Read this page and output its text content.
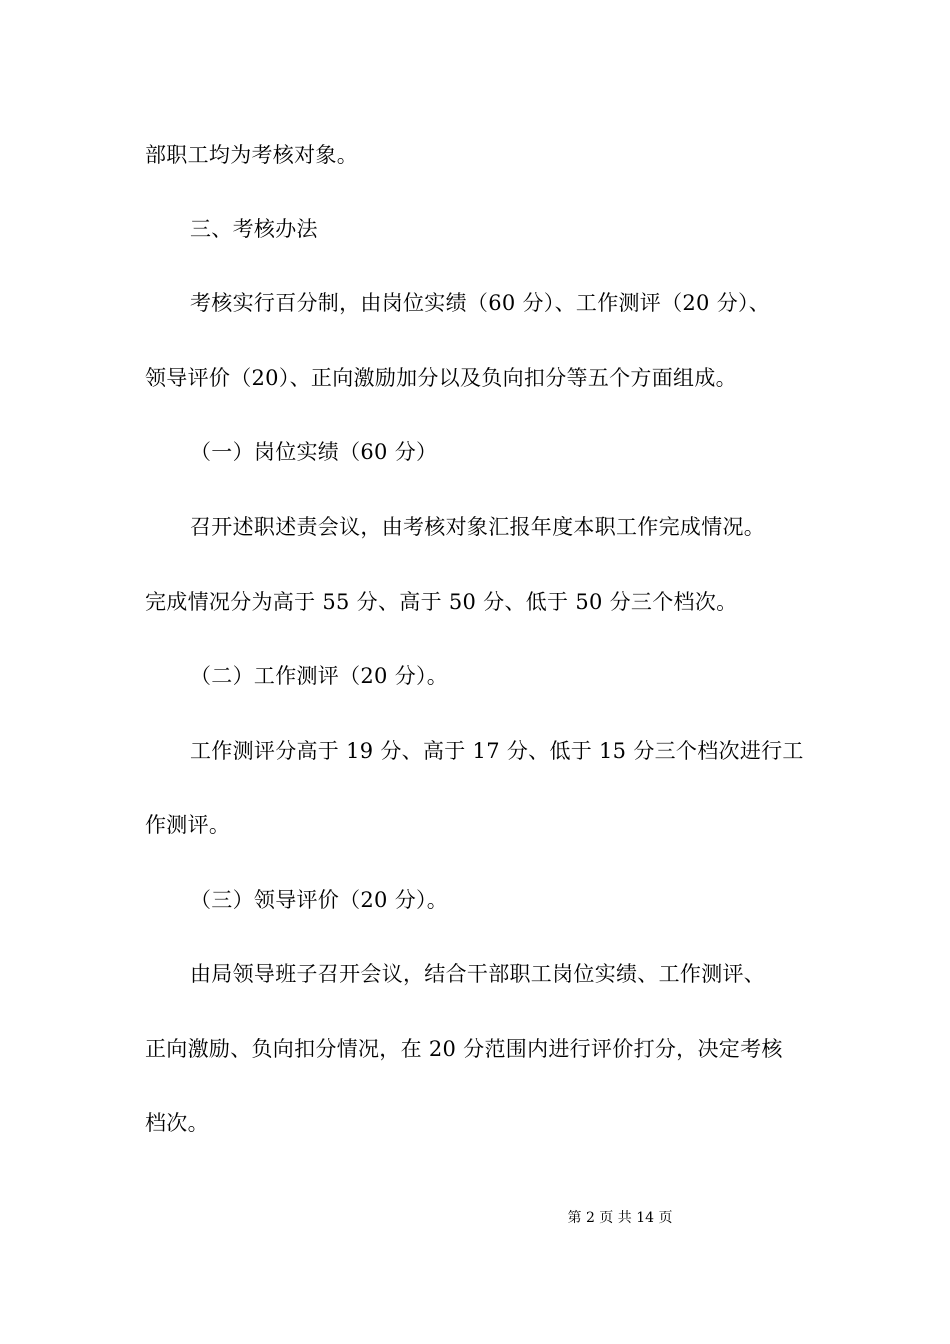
部职工均为考核对象。
三、考核办法
考核实行百分制，由岗位实绩（60 分）、工作测评（20 分）、
领导评价（20）、正向激励加分以及负向扣分等五个方面组成。
（一）岗位实绩（60 分）
召开述职述责会议，由考核对象汇报年度本职工作完成情况。
完成情况分为高于 55 分、高于 50 分、低于 50 分三个档次。
（二）工作测评（20 分）。
工作测评分高于 19 分、高于 17 分、低于 15 分三个档次进行工
作测评。
（三）领导评价（20 分）。
由局领导班子召开会议，结合干部职工岗位实绩、工作测评、
正向激励、负向扣分情况，在 20 分范围内进行评价打分，决定考核
档次。
第 2 页 共 14 页
